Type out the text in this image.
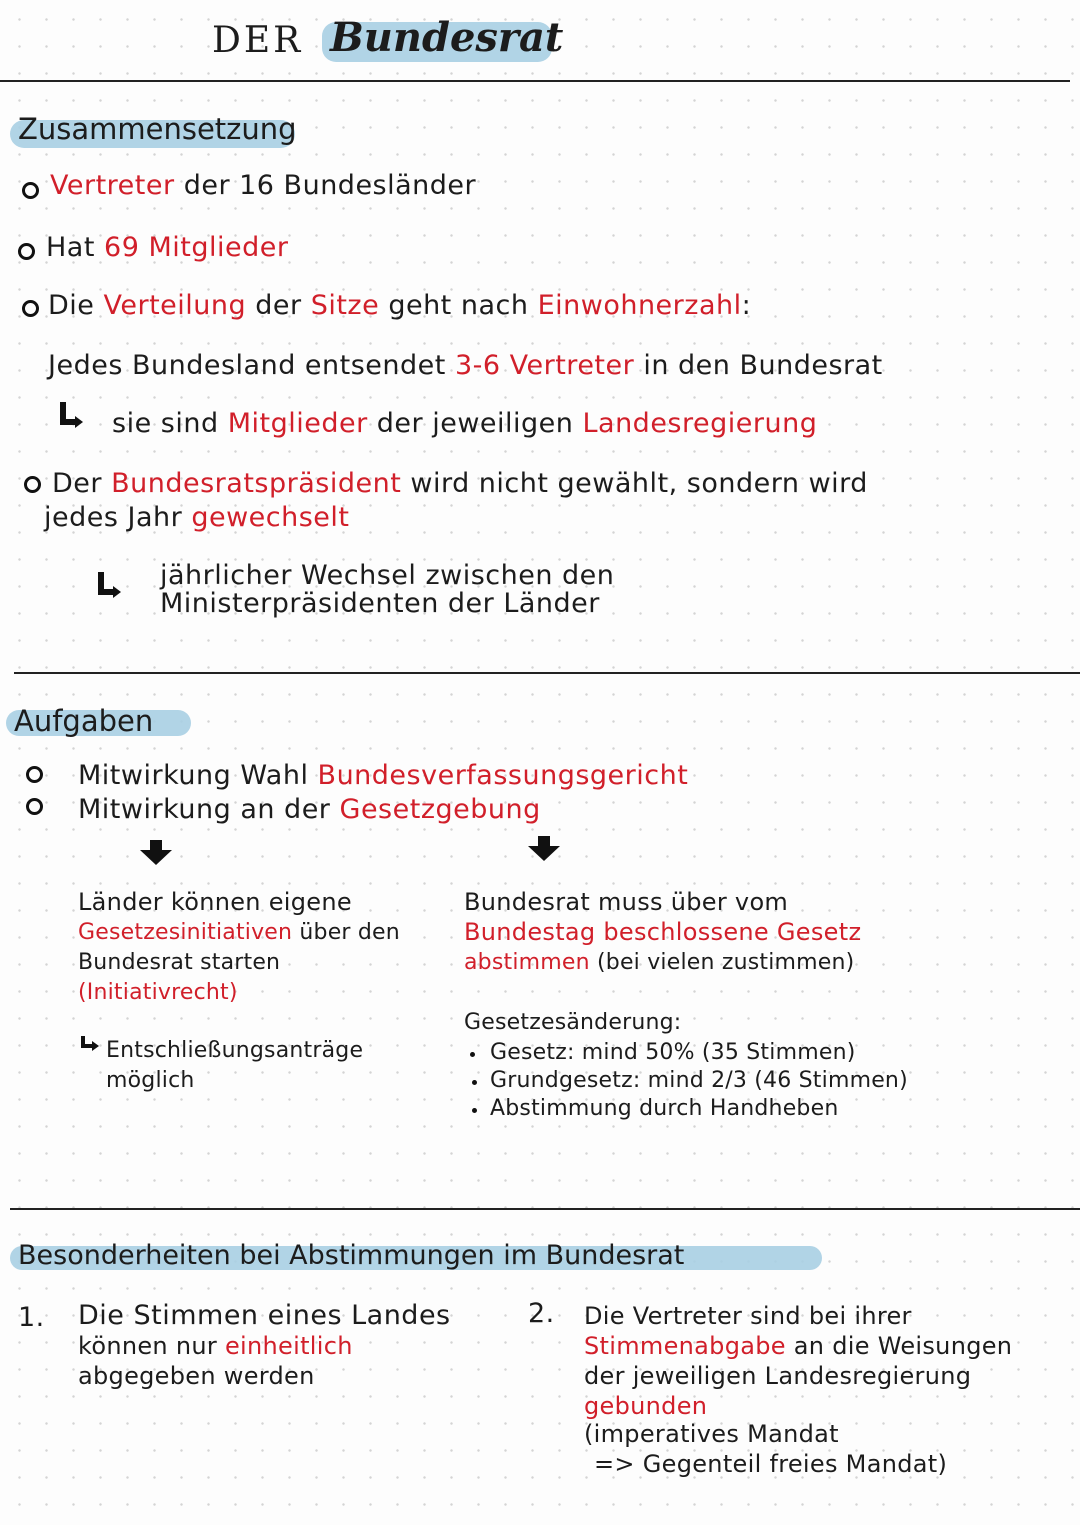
DER Bundesrat
Zusammensetzung
Vertreter der 16 Bundesländer
Hat 69 Mitglieder
Die Verteilung der Sitze geht nach Einwohnerzahl:
Jedes Bundesland entsendet 3-6 Vertreter in den Bundesrat
sie sind Mitglieder der jeweiligen Landesregierung
Der Bundesratspräsident wird nicht gewählt, sondern wird
jedes Jahr gewechselt
jährlicher Wechsel zwischen den
Ministerpräsidenten der Länder
Aufgaben
Mitwirkung Wahl Bundesverfassungsgericht
Mitwirkung an der Gesetzgebung
Länder können eigene
Gesetzesinitiativen über den
Bundesrat starten
(Initiativrecht)
Entschließungsanträge
möglich
Bundesrat muss über vom
Bundestag beschlossene Gesetz
abstimmen (bei vielen zustimmen)
Gesetzesänderung:
Gesetz: mind 50% (35 Stimmen)
Grundgesetz: mind 2/3 (46 Stimmen)
Abstimmung durch Handheben
Besonderheiten bei Abstimmungen im Bundesrat
1. Die Stimmen eines Landes
können nur einheitlich
abgegeben werden
2. Die Vertreter sind bei ihrer
Stimmenabgabe an die Weisungen
der jeweiligen Landesregierung
gebunden
(imperatives Mandat
=> Gegenteil freies Mandat)
